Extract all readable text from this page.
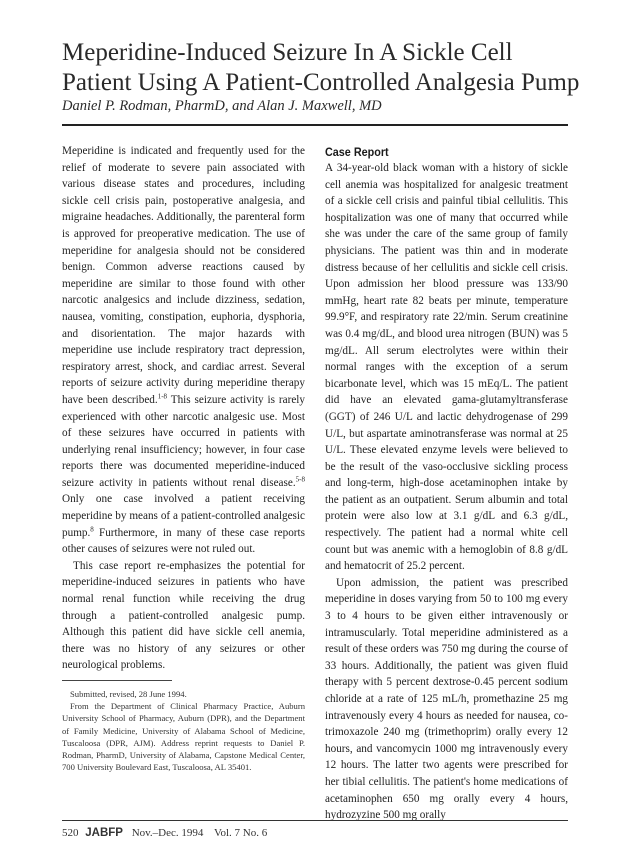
Meperidine-Induced Seizure In A Sickle Cell Patient Using A Patient-Controlled Analgesia Pump
Daniel P. Rodman, PharmD, and Alan J. Maxwell, MD

Meperidine is indicated and frequently used for the relief of moderate to severe pain associated with various disease states and procedures, including sickle cell crisis pain, postoperative analgesia, and migraine headaches. Additionally, the parenteral form is approved for preoperative medication. The use of meperidine for analgesia should not be considered benign. Common adverse reactions caused by meperidine are similar to those found with other narcotic analgesics and include dizziness, sedation, nausea, vomiting, constipation, euphoria, dysphoria, and disorientation. The major hazards with meperidine use include respiratory tract depression, respiratory arrest, shock, and cardiac arrest. Several reports of seizure activity during meperidine therapy have been described.$^{1-8}$ This seizure activity is rarely experienced with other narcotic analgesic use. Most of these seizures have occurred in patients with underlying renal insufficiency; however, in four case reports there was documented meperidine-induced seizure activity in patients without renal disease.$^{5-8}$ Only one case involved a patient receiving meperidine by means of a patient-controlled analgesic pump.$^8$ Furthermore, in many of these case reports other causes of seizures were not ruled out.

This case report re-emphasizes the potential for meperidine-induced seizures in patients who have normal renal function while receiving the drug through a patient-controlled analgesic pump. Although this patient did have sickle cell anemia, there was no history of any seizures or other neurological problems.

Submitted, revised, 28 June 1994.

From the Department of Clinical Pharmacy Practice, Auburn University School of Pharmacy, Auburn (DPR), and the Department of Family Medicine, University of Alabama School of Medicine, Tuscaloosa (DPR, AJM). Address reprint requests to Daniel P. Rodman, PharmD, University of Alabama, Capstone Medical Center, 700 University Boulevard East, Tuscaloosa, AL 35401.

Case Report

A 34-year-old black woman with a history of sickle cell anemia was hospitalized for analgesic treatment of a sickle cell crisis and painful tibial cellulitis. This hospitalization was one of many that occurred while she was under the care of the same group of family physicians. The patient was thin and in moderate distress because of her cellulitis and sickle cell crisis. Upon admission her blood pressure was 133/90 mmHg, heart rate 82 beats per minute, temperature 99.9°F, and respiratory rate 22/min. Serum creatinine was 0.4 mg/dL, and blood urea nitrogen (BUN) was 5 mg/dL. All serum electrolytes were within their normal ranges with the exception of a serum bicarbonate level, which was 15 mEq/L. The patient did have an elevated gama-glutamyltransferase (GGT) of 246 U/L and lactic dehydrogenase of 299 U/L, but aspartate aminotransferase was normal at 25 U/L. These elevated enzyme levels were believed to be the result of the vaso-occlusive sickling process and long-term, high-dose acetaminophen intake by the patient as an outpatient. Serum albumin and total protein were also low at 3.1 g/dL and 6.3 g/dL, respectively. The patient had a normal white cell count but was anemic with a hemoglobin of 8.8 g/dL and hematocrit of 25.2 percent.

Upon admission, the patient was prescribed meperidine in doses varying from 50 to 100 mg every 3 to 4 hours to be given either intravenously or intramuscularly. Total meperidine administered as a result of these orders was 750 mg during the course of 33 hours. Additionally, the patient was given fluid therapy with 5 percent dextrose-0.45 percent sodium chloride at a rate of 125 mL/h, promethazine 25 mg intravenously every 4 hours as needed for nausea, co-trimoxazole 240 mg (trimethoprim) orally every 12 hours, and vancomycin 1000 mg intravenously every 12 hours. The latter two agents were prescribed for her tibial cellulitis. The patient's home medications of acetaminophen 650 mg orally every 4 hours, hydrozyzine 500 mg orally

520 JABFP Nov.–Dec. 1994 Vol. 7 No. 6
